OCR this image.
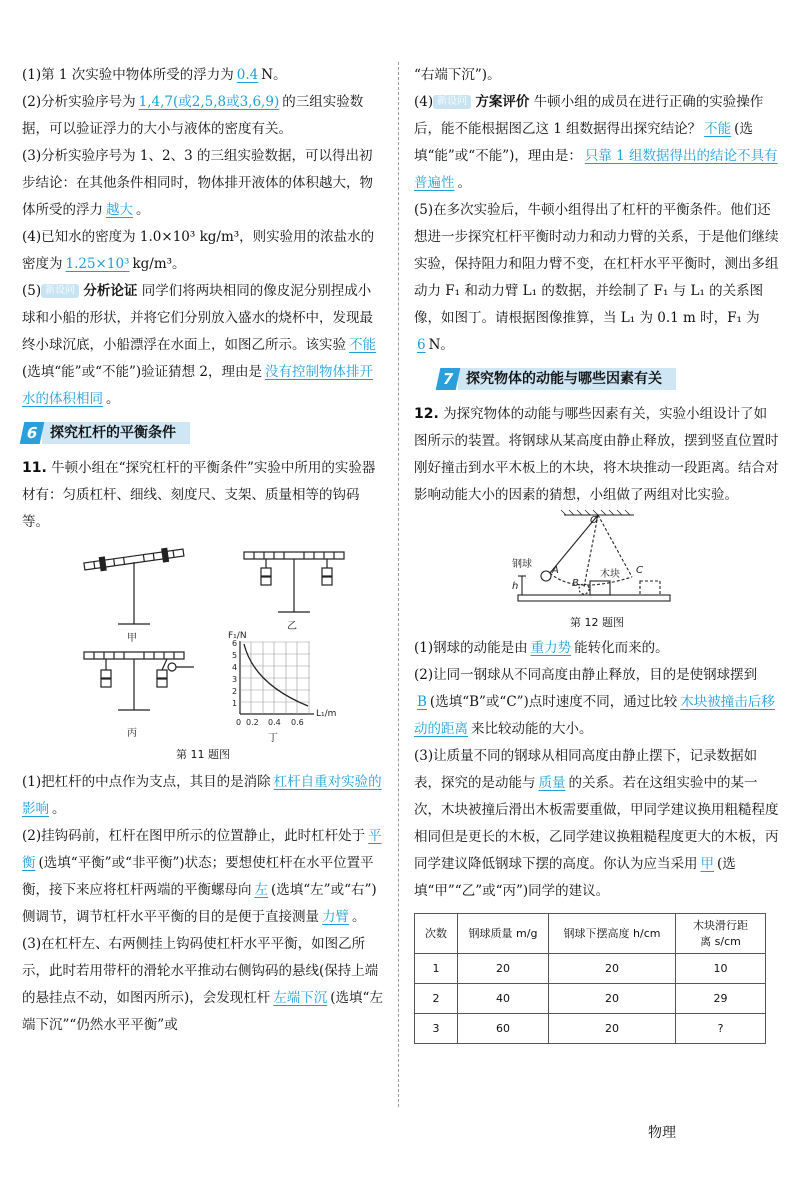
(1)第 1 次实验中物体所受的浮力为 0.4 N。

(2)分析实验序号为 1,4,7(或2,5,8或3,6,9) 的三组实验数据，可以验证浮力的大小与液体的密度有关。

(3)分析实验序号为 1、2、3 的三组实验数据，可以得出初步结论：在其他条件相同时，物体排开液体的体积越大，物体所受的浮力 越大 。

(4)已知水的密度为 1.0×10³ kg/m³，则实验用的浓盐水的密度为 1.25×10³ kg/m³。

(5) 新设问 分析论证 同学们将两块相同的像皮泥分别捏成小球和小船的形状，并将它们分别放入盛水的烧杯中，发现最终小球沉底，小船漂浮在水面上，如图乙所示。该实验 不能(选填“能”或“不能”)验证猜想 2，理由是 没有控制物体排开水的体积相同 。

6 探究杠杆的平衡条件

11. 牛顿小组在“探究杠杆的平衡条件”实验中所用的实验器材有：匀质杠杆、细线、刻度尺、支架、质量相等的钩码等。

甲
乙
丙	丁
F₁/N
L₁/m
6
5
4
3
2
1
0 0.2 0.4 0.6
第 11 题图

(1)把杠杆的中点作为支点，其目的是消除 杠杆自重对实验的影响 。

(2)挂钩码前，杠杆在图甲所示的位置静止，此时杠杆处于 平衡 (选填“平衡”或“非平衡”)状态；要想使杠杆在水平位置平衡，接下来应将杠杆两端的平衡螺母向 左 (选填“左”或“右”)侧调节，调节杠杆水平平衡的目的是便于直接测量 力臂 。

(3)在杠杆左、右两侧挂上钩码使杠杆水平平衡，如图乙所示，此时若用带杆的滑轮水平推动右侧钩码的悬线(保持上端的悬挂点不动，如图丙所示)，会发现杠杆 左端下沉 (选填“左端下沉”“仍然水平平衡”或

“右端下沉”)。

(4) 新设问 方案评价 牛顿小组的成员在进行正确的实验操作后，能不能根据图乙这 1 组数据得出探究结论？ 不能 (选填“能”或“不能”)，理由是： 只靠 1 组数据得出的结论不具有普遍性 。

(5)在多次实验后，牛顿小组得出了杠杆的平衡条件。他们还想进一步探究杠杆平衡时动力和动力臂的关系，于是他们继续实验，保持阻力和阻力臂不变，在杠杆水平平衡时，测出多组动力 F₁ 和动力臂 L₁ 的数据，并绘制了 F₁ 与 L₁ 的关系图像，如图丁。请根据图像推算，当 L₁ 为 0.1 m 时，F₁ 为6 N。

7 探究物体的动能与哪些因素有关

12. 为探究物体的动能与哪些因素有关，实验小组设计了如图所示的装置。将钢球从某高度由静止释放，摆到竖直位置时刚好撞击到水平木板上的木块，将木块推动一段距离。结合对影响动能大小的因素的猜想，小组做了两组对比实验。

O
A
B
C
h
钢球
木块
第 12 题图

(1)钢球的动能是由 重力势 能转化而来的。

(2)让同一钢球从不同高度由静止释放，目的是使钢球摆到B (选填“B”或“C”)点时速度不同，通过比较 木块被撞击后移动的距离 来比较动能的大小。

(3)让质量不同的钢球从相同高度由静止摆下，记录数据如表，探究的是动能与 质量 的关系。若在这组实验中的某一次，木块被撞后滑出木板需要重做，甲同学建议换用粗糙程度相同但是更长的木板，乙同学建议换粗糙程度更大的木板，丙同学建议降低钢球下摆的高度。你认为应当采用 甲 (选填“甲”“乙”或“丙”)同学的建议。

次数	钢球质量 m/g	钢球下摆高度 h/cm	木块滑行距离 s/cm
1	20	20	10
2	40	20	29
3	60	20	?
物理
